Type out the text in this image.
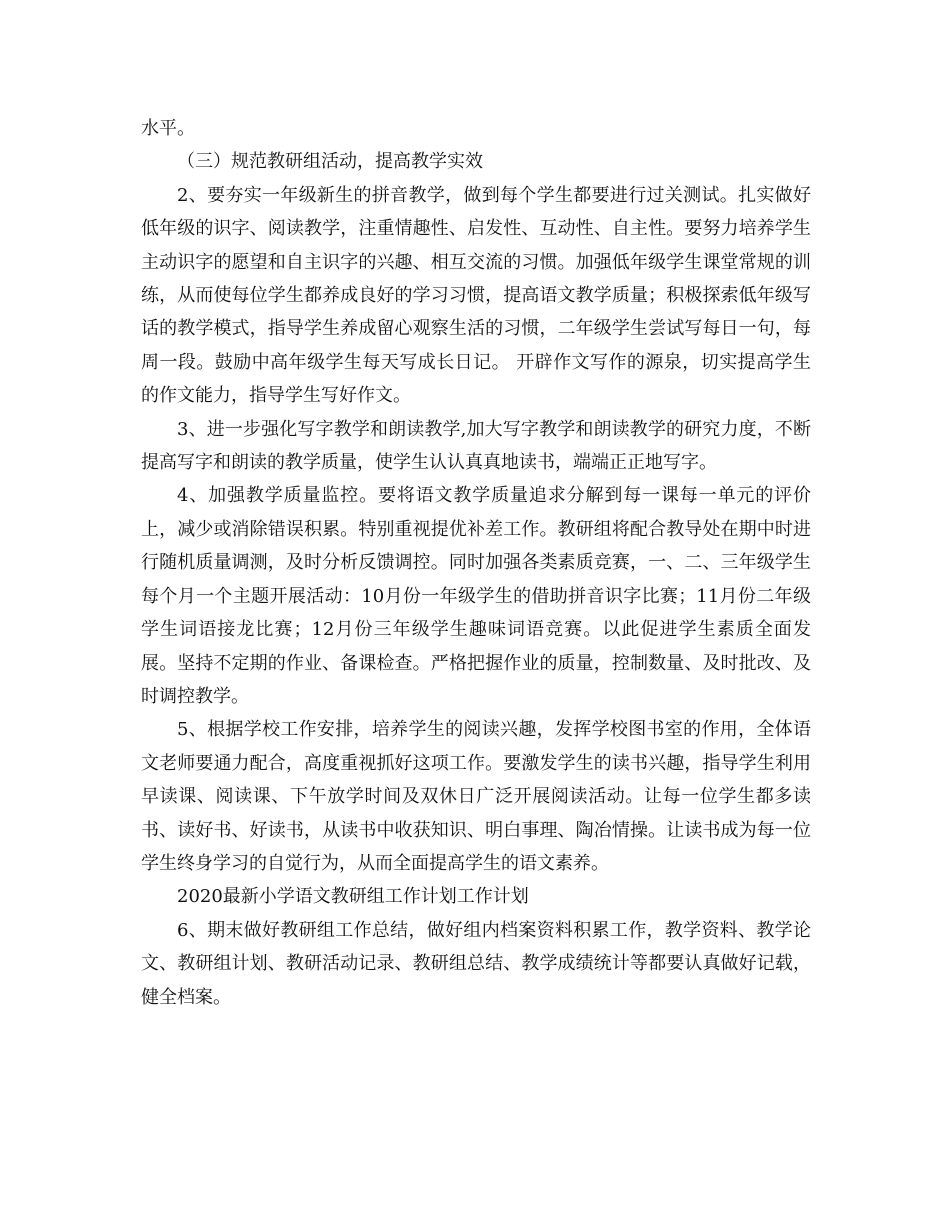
水平。

（三）规范教研组活动，提高教学实效

2、要夯实一年级新生的拼音教学，做到每个学生都要进行过关测试。扎实做好低年级的识字、阅读教学，注重情趣性、启发性、互动性、自主性。要努力培养学生主动识字的愿望和自主识字的兴趣、相互交流的习惯。加强低年级学生课堂常规的训练，从而使每位学生都养成良好的学习习惯，提高语文教学质量；积极探索低年级写话的教学模式，指导学生养成留心观察生活的习惯，二年级学生尝试写每日一句，每周一段。鼓励中高年级学生每天写成长日记。 开辟作文写作的源泉，切实提高学生的作文能力，指导学生写好作文。

3、进一步强化写字教学和朗读教学,加大写字教学和朗读教学的研究力度，不断提高写字和朗读的教学质量，使学生认认真真地读书，端端正正地写字。

4、加强教学质量监控。要将语文教学质量追求分解到每一课每一单元的评价上，减少或消除错误积累。特别重视提优补差工作。教研组将配合教导处在期中时进行随机质量调测，及时分析反馈调控。同时加强各类素质竞赛，一、二、三年级学生每个月一个主题开展活动：10月份一年级学生的借助拼音识字比赛；11月份二年级学生词语接龙比赛；12月份三年级学生趣味词语竞赛。以此促进学生素质全面发展。坚持不定期的作业、备课检查。严格把握作业的质量，控制数量、及时批改、及时调控教学。

5、根据学校工作安排，培养学生的阅读兴趣，发挥学校图书室的作用，全体语文老师要通力配合，高度重视抓好这项工作。要激发学生的读书兴趣，指导学生利用早读课、阅读课、下午放学时间及双休日广泛开展阅读活动。让每一位学生都多读书、读好书、好读书，从读书中收获知识、明白事理、陶冶情操。让读书成为每一位学生终身学习的自觉行为，从而全面提高学生的语文素养。

2020最新小学语文教研组工作计划工作计划

6、期末做好教研组工作总结，做好组内档案资料积累工作，教学资料、教学论文、教研组计划、教研活动记录、教研组总结、教学成绩统计等都要认真做好记载，健全档案。
